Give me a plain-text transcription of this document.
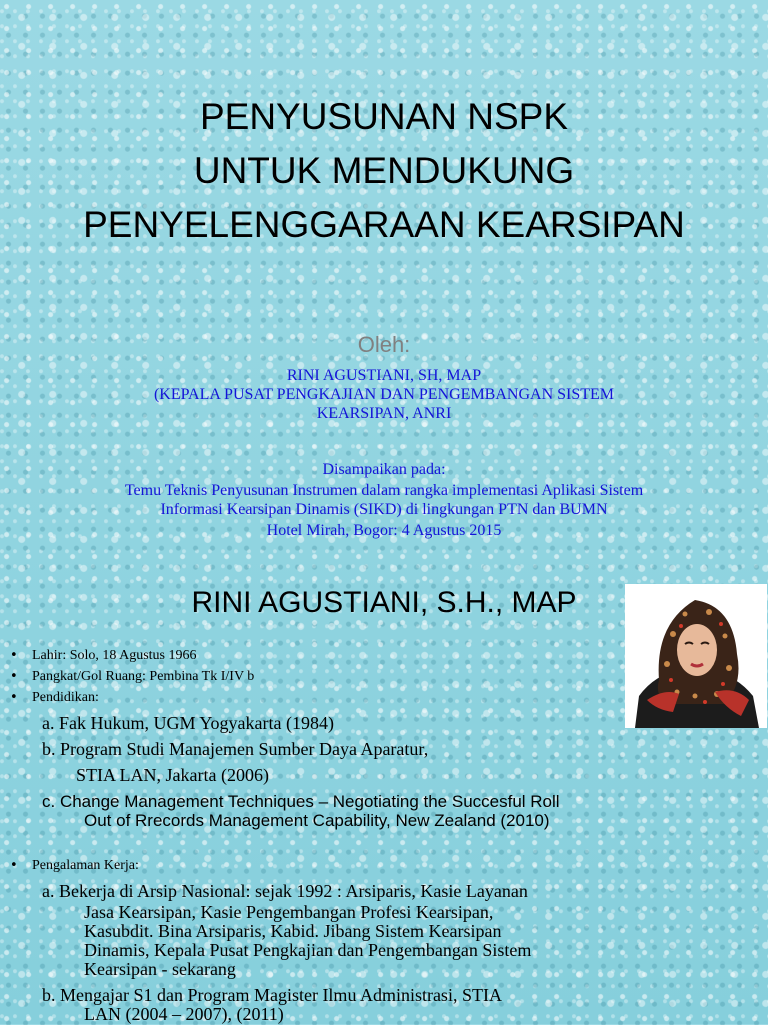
PENYUSUNAN NSPK
UNTUK MENDUKUNG
PENYELENGGARAAN KEARSIPAN
Oleh:
RINI AGUSTIANI, SH, MAP
(KEPALA PUSAT PENGKAJIAN DAN PENGEMBANGAN SISTEM
KEARSIPAN, ANRI
Disampaikan pada:
Temu Teknis Penyusunan Instrumen dalam rangka implementasi Aplikasi Sistem
Informasi Kearsipan Dinamis (SIKD) di lingkungan PTN dan BUMN
Hotel Mirah, Bogor: 4 Agustus 2015
RINI AGUSTIANI, S.H., MAP
• Lahir: Solo, 18 Agustus 1966
• Pangkat/Gol Ruang: Pembina Tk I/IV b
• Pendidikan:
a. Fak Hukum, UGM Yogyakarta (1984)
b. Program Studi Manajemen Sumber Daya Aparatur,
STIA LAN, Jakarta (2006)
c. Change Management Techniques – Negotiating the Succesful Roll
Out of Rrecords Management Capability, New Zealand (2010)
• Pengalaman Kerja:
a. Bekerja di Arsip Nasional: sejak 1992 : Arsiparis, Kasie Layanan
Jasa Kearsipan, Kasie Pengembangan Profesi Kearsipan,
Kasubdit. Bina Arsiparis, Kabid. Jibang Sistem Kearsipan
Dinamis, Kepala Pusat Pengkajian dan Pengembangan Sistem
Kearsipan - sekarang
b. Mengajar S1 dan Program Magister Ilmu Administrasi, STIA
LAN (2004 – 2007), (2011)
